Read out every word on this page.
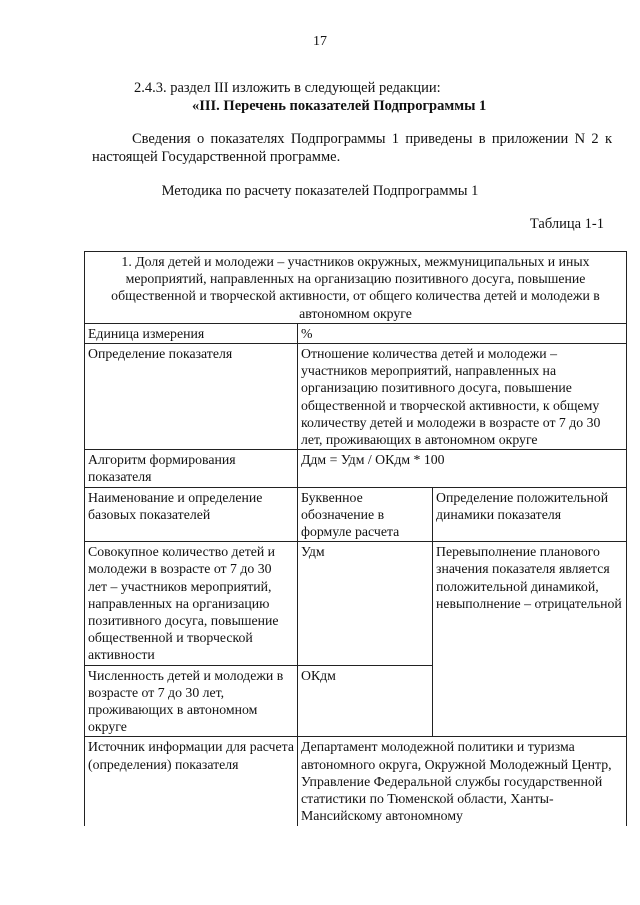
17
2.4.3. раздел III изложить в следующей редакции:
«III. Перечень показателей Подпрограммы 1
Сведения о показателях Подпрограммы 1 приведены в приложении N 2 к настоящей Государственной программе.
Методика по расчету показателей Подпрограммы 1
Таблица 1-1
1. Доля детей и молодежи – участников окружных, межмуниципальных и иных мероприятий, направленных на организацию позитивного досуга, повышение общественной и творческой активности, от общего количества детей и молодежи в автономном округе		
Единица измерения	%	
Определение показателя	Отношение количества детей и молодежи – участников мероприятий, направленных на организацию позитивного досуга, повышение общественной и творческой активности, к общему количеству детей и молодежи в возрасте от 7 до 30 лет, проживающих в автономном округе	
Алгоритм формирования показателя	Ддм = Удм / ОКдм * 100	
Наименование и определение базовых показателей	Буквенное обозначение в формуле расчета	Определение положительной динамики показателя
Совокупное количество детей и молодежи в возрасте от 7 до 30 лет – участников мероприятий, направленных на организацию позитивного досуга, повышение общественной и творческой активности	Удм	Перевыполнение планового значения показателя является положительной динамикой, невыполнение – отрицательной
Численность детей и молодежи в возрасте от 7 до 30 лет, проживающих в автономном округе	ОКдм	
Источник информации для расчета (определения) показателя	Департамент молодежной политики и туризма автономного округа, Окружной Молодежный Центр, Управление Федеральной службы государственной статистики по Тюменской области, Ханты-Мансийскому автономному	
